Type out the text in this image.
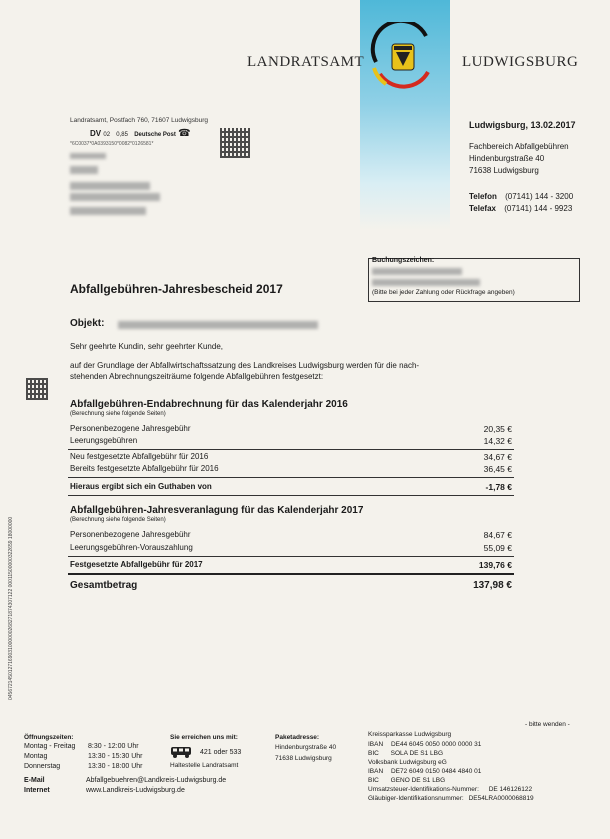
LANDRATSAMT	LUDWIGSBURG
Landratsamt, Postfach 760, 71607 Ludwigsburg
DV 02 0,85 Deutsche Post ☎
*6C0037*0A0393150*0082*0126581*
Ludwigsburg, 13.02.2017
Fachbereich Abfallgebühren
Hindenburgstraße 40
71638 Ludwigsburg
Telefon (07141) 144 - 3200
Telefax (07141) 144 - 9923
Buchungszeichen:
(Bitte bei jeder Zahlung oder Rückfrage angeben)
Abfallgebühren-Jahresbescheid 2017
Objekt:
Sehr geehrte Kundin, sehr geehrter Kunde,
auf der Grundlage der Abfallwirtschaftssatzung des Landkreises Ludwigsburg werden für die nach-
stehenden Abrechnungszeiträume folgende Abfallgebühren festgesetzt:
Abfallgebühren-Endabrechnung für das Kalenderjahr 2016
(Berechnung siehe folgende Seiten)
Personenbezogene Jahresgebühr	20,35 €
Leerungsgebühren	14,32 €
Neu festgesetzte Abfallgebühr für 2016	34,67 €
Bereits festgesetzte Abfallgebühr für 2016	36,45 €
Hieraus ergibt sich ein Guthaben von	-1,78 €
Abfallgebühren-Jahresveranlagung für das Kalenderjahr 2017
(Berechnung siehe folgende Seiten)
Personenbezogene Jahresgebühr	84,67 €
Leerungsgebühren-Vorauszahlung	55,09 €
Festgesetzte Abfallgebühr für 2017	139,76 €
Gesamtbetrag	137,98 €
0456721450127169031000000268271874307122 00011500000322659 18000000
- bitte wenden -
Öffnungszeiten:
Montag - Freitag 8:30 - 12:00 Uhr
Montag	13:30 - 15:30 Uhr
Donnerstag	13:30 - 18:00 Uhr
E-Mail	Abfallgebuehren@Landkreis-Ludwigsburg.de
Internet	www.Landkreis-Ludwigsburg.de
Sie erreichen uns mit:
421 oder 533
Haltestelle Landratsamt
Paketadresse:
Hindenburgstraße 40
71638 Ludwigsburg
Kreissparkasse Ludwigsburg
IBAN DE44 6045 0050 0000 0000 31
BIC SOLA DE S1 LBG
Volksbank Ludwigsburg eG
IBAN DE72 6049 0150 0484 4840 01
BIC GENO DE S1 LBG
Umsatzsteuer-Identifikations-Nummer: DE 146126122
Gläubiger-Identifikationsnummer: DE54LRA0000068819
